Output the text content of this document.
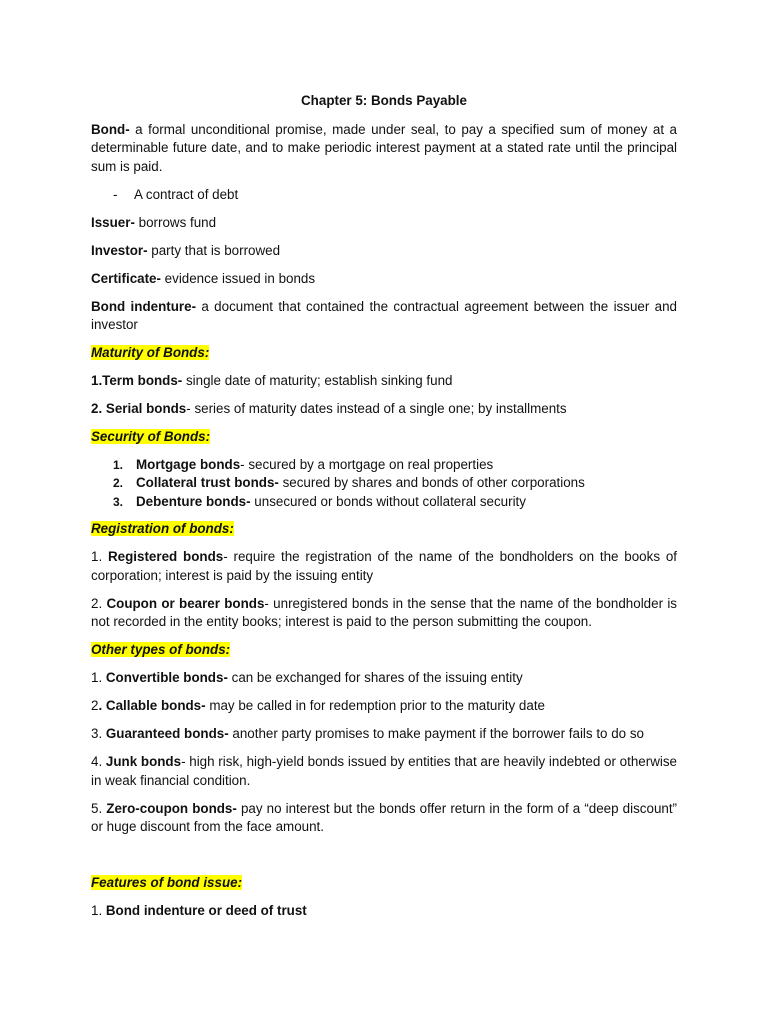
Chapter 5: Bonds Payable

Bond- a formal unconditional promise, made under seal, to pay a specified sum of money at a determinable future date, and to make periodic interest payment at a stated rate until the principal sum is paid.

- A contract of debt

Issuer- borrows fund

Investor- party that is borrowed

Certificate- evidence issued in bonds

Bond indenture- a document that contained the contractual agreement between the issuer and investor

Maturity of Bonds:

1.Term bonds- single date of maturity; establish sinking fund

2. Serial bonds- series of maturity dates instead of a single one; by installments

Security of Bonds:
1. Mortgage bonds- secured by a mortgage on real properties
2. Collateral trust bonds- secured by shares and bonds of other corporations
3. Debenture bonds- unsecured or bonds without collateral security
Registration of bonds:

1. Registered bonds- require the registration of the name of the bondholders on the books of corporation; interest is paid by the issuing entity

2. Coupon or bearer bonds- unregistered bonds in the sense that the name of the bondholder is not recorded in the entity books; interest is paid to the person submitting the coupon.

Other types of bonds:

1. Convertible bonds- can be exchanged for shares of the issuing entity

2. Callable bonds- may be called in for redemption prior to the maturity date

3. Guaranteed bonds- another party promises to make payment if the borrower fails to do so

4. Junk bonds- high risk, high-yield bonds issued by entities that are heavily indebted or otherwise in weak financial condition.

5. Zero-coupon bonds- pay no interest but the bonds offer return in the form of a “deep discount” or huge discount from the face amount.

Features of bond issue:

1. Bond indenture or deed of trust
